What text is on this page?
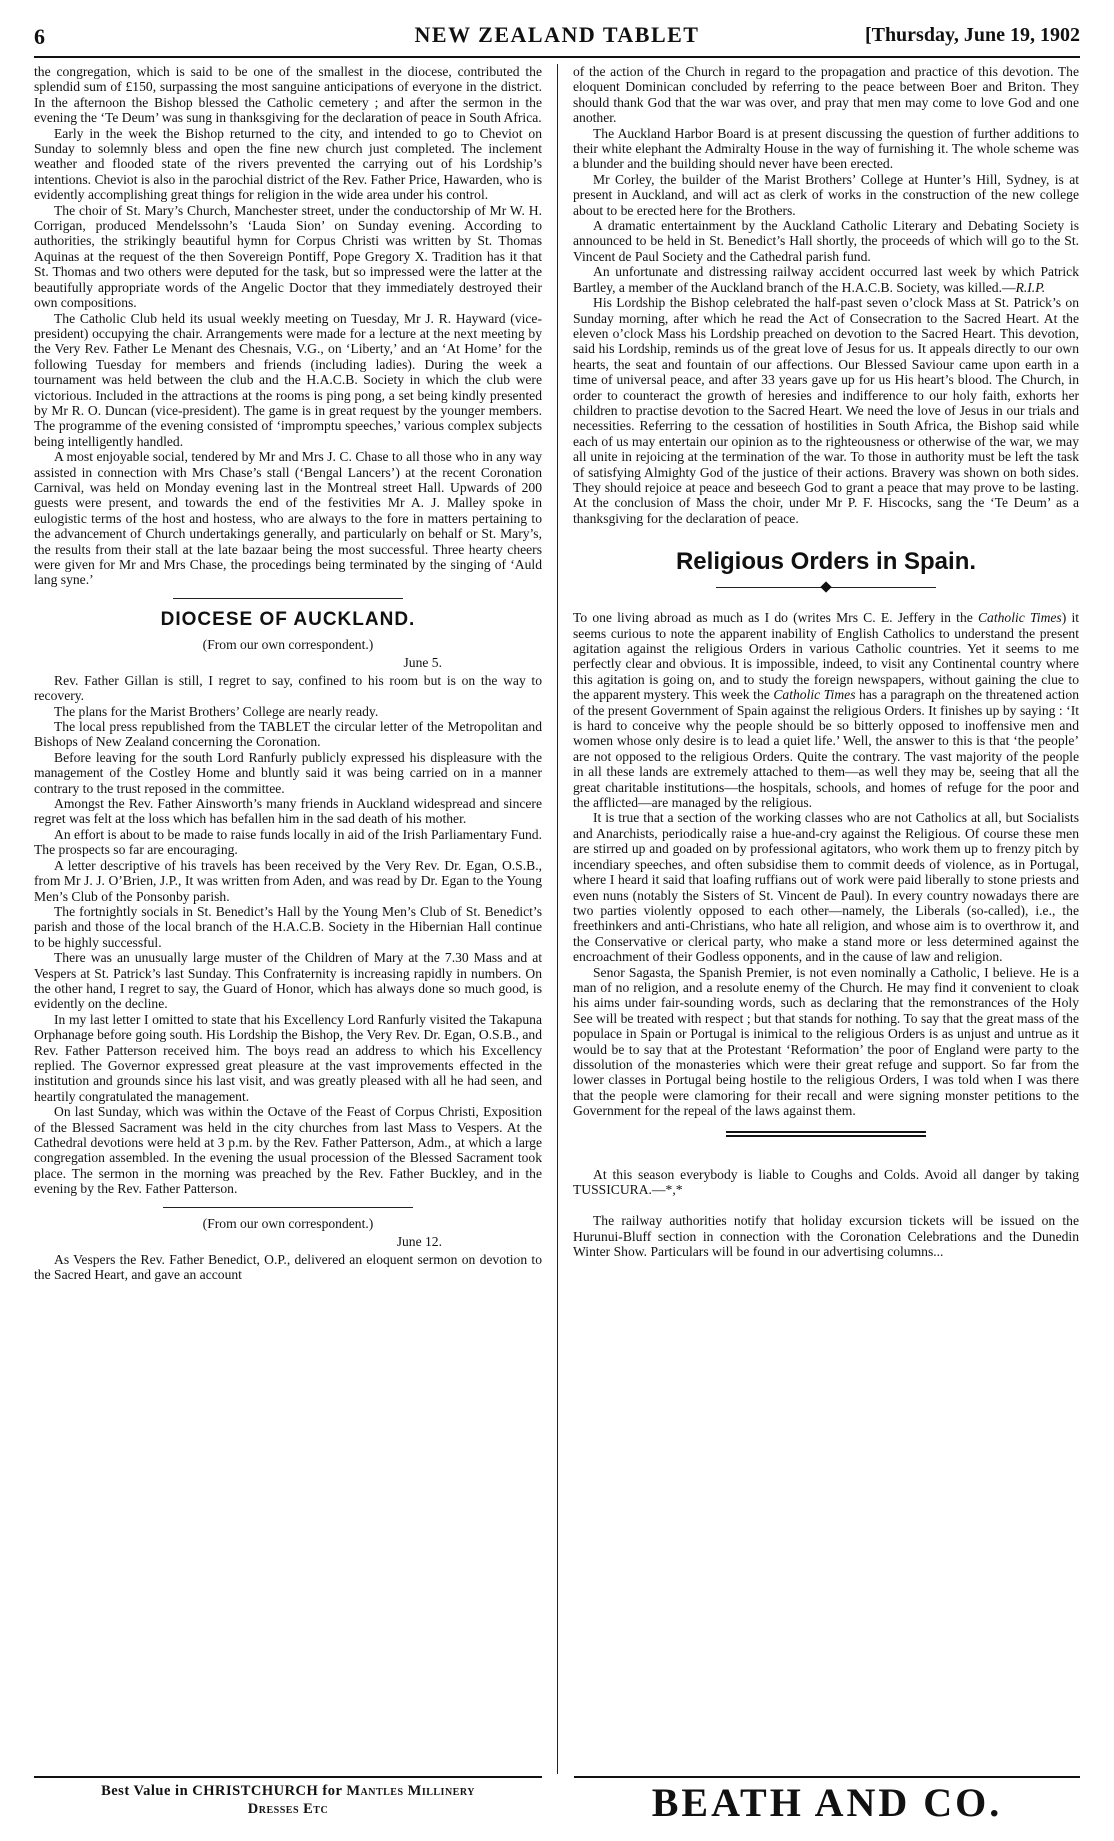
6	NEW ZEALAND TABLET	[Thursday, June 19, 1902

the congregation, which is said to be one of the smallest in the diocese, contributed the splendid sum of £150, surpassing the most sanguine anticipations of everyone in the district. In the afternoon the Bishop blessed the Catholic cemetery ; and after the sermon in the evening the ‘Te Deum’ was sung in thanksgiving for the declaration of peace in South Africa.

Early in the week the Bishop returned to the city, and intended to go to Cheviot on Sunday to solemnly bless and open the fine new church just completed. The inclement weather and flooded state of the rivers prevented the carrying out of his Lordship’s intentions. Cheviot is also in the parochial district of the Rev. Father Price, Hawarden, who is evidently accomplishing great things for religion in the wide area under his control.

The choir of St. Mary’s Church, Manchester street, under the conductorship of Mr W. H. Corrigan, produced Mendelssohn’s ‘Lauda Sion’ on Sunday evening. According to authorities, the strikingly beautiful hymn for Corpus Christi was written by St. Thomas Aquinas at the request of the then Sovereign Pontiff, Pope Gregory X. Tradition has it that St. Thomas and two others were deputed for the task, but so impressed were the latter at the beautifully appropriate words of the Angelic Doctor that they immediately destroyed their own compositions.

The Catholic Club held its usual weekly meeting on Tuesday, Mr J. R. Hayward (vice-president) occupying the chair. Arrangements were made for a lecture at the next meeting by the Very Rev. Father Le Menant des Chesnais, V.G., on ‘Liberty,’ and an ‘At Home’ for the following Tuesday for members and friends (including ladies). During the week a tournament was held between the club and the H.A.C.B. Society in which the club were victorious. Included in the attractions at the rooms is ping pong, a set being kindly presented by Mr R. O. Duncan (vice-president). The game is in great request by the younger members. The programme of the evening consisted of ‘impromptu speeches,’ various complex subjects being intelligently handled.

A most enjoyable social, tendered by Mr and Mrs J. C. Chase to all those who in any way assisted in connection with Mrs Chase’s stall (‘Bengal Lancers’) at the recent Coronation Carnival, was held on Monday evening last in the Montreal street Hall. Upwards of 200 guests were present, and towards the end of the festivities Mr A. J. Malley spoke in eulogistic terms of the host and hostess, who are always to the fore in matters pertaining to the advancement of Church undertakings generally, and particularly on behalf or St. Mary’s, the results from their stall at the late bazaar being the most successful. Three hearty cheers were given for Mr and Mrs Chase, the procedings being terminated by the singing of ‘Auld lang syne.’

DIOCESE OF AUCKLAND.
(From our own correspondent.)
June 5.

Rev. Father Gillan is still, I regret to say, confined to his room but is on the way to recovery.

The plans for the Marist Brothers’ College are nearly ready.

The local press republished from the TABLET the circular letter of the Metropolitan and Bishops of New Zealand concerning the Coronation.

Before leaving for the south Lord Ranfurly publicly expressed his displeasure with the management of the Costley Home and bluntly said it was being carried on in a manner contrary to the trust reposed in the committee.

Amongst the Rev. Father Ainsworth’s many friends in Auckland widespread and sincere regret was felt at the loss which has befallen him in the sad death of his mother.

An effort is about to be made to raise funds locally in aid of the Irish Parliamentary Fund. The prospects so far are encouraging.

A letter descriptive of his travels has been received by the Very Rev. Dr. Egan, O.S.B., from Mr J. J. O’Brien, J.P., It was written from Aden, and was read by Dr. Egan to the Young Men’s Club of the Ponsonby parish.

The fortnightly socials in St. Benedict’s Hall by the Young Men’s Club of St. Benedict’s parish and those of the local branch of the H.A.C.B. Society in the Hibernian Hall continue to be highly successful.

There was an unusually large muster of the Children of Mary at the 7.30 Mass and at Vespers at St. Patrick’s last Sunday. This Confraternity is increasing rapidly in numbers. On the other hand, I regret to say, the Guard of Honor, which has always done so much good, is evidently on the decline.

In my last letter I omitted to state that his Excellency Lord Ranfurly visited the Takapuna Orphanage before going south. His Lordship the Bishop, the Very Rev. Dr. Egan, O.S.B., and Rev. Father Patterson received him. The boys read an address to which his Excellency replied. The Governor expressed great pleasure at the vast improvements effected in the institution and grounds since his last visit, and was greatly pleased with all he had seen, and heartily congratulated the management.

On last Sunday, which was within the Octave of the Feast of Corpus Christi, Exposition of the Blessed Sacrament was held in the city churches from last Mass to Vespers. At the Cathedral devotions were held at 3 p.m. by the Rev. Father Patterson, Adm., at which a large congregation assembled. In the evening the usual procession of the Blessed Sacrament took place. The sermon in the morning was preached by the Rev. Father Buckley, and in the evening by the Rev. Father Patterson.

(From our own correspondent.)
June 12.

As Vespers the Rev. Father Benedict, O.P., delivered an eloquent sermon on devotion to the Sacred Heart, and gave an account

of the action of the Church in regard to the propagation and practice of this devotion. The eloquent Dominican concluded by referring to the peace between Boer and Briton. They should thank God that the war was over, and pray that men may come to love God and one another.

The Auckland Harbor Board is at present discussing the question of further additions to their white elephant the Admiralty House in the way of furnishing it. The whole scheme was a blunder and the building should never have been erected.

Mr Corley, the builder of the Marist Brothers’ College at Hunter’s Hill, Sydney, is at present in Auckland, and will act as clerk of works in the construction of the new college about to be erected here for the Brothers.

A dramatic entertainment by the Auckland Catholic Literary and Debating Society is announced to be held in St. Benedict’s Hall shortly, the proceeds of which will go to the St. Vincent de Paul Society and the Cathedral parish fund.

An unfortunate and distressing railway accident occurred last week by which Patrick Bartley, a member of the Auckland branch of the H.A.C.B. Society, was killed.—R.I.P.

His Lordship the Bishop celebrated the half-past seven o’clock Mass at St. Patrick’s on Sunday morning, after which he read the Act of Consecration to the Sacred Heart. At the eleven o’clock Mass his Lordship preached on devotion to the Sacred Heart. This devotion, said his Lordship, reminds us of the great love of Jesus for us. It appeals directly to our own hearts, the seat and fountain of our affections. Our Blessed Saviour came upon earth in a time of universal peace, and after 33 years gave up for us His heart’s blood. The Church, in order to counteract the growth of heresies and indifference to our holy faith, exhorts her children to practise devotion to the Sacred Heart. We need the love of Jesus in our trials and necessities. Referring to the cessation of hostilities in South Africa, the Bishop said while each of us may entertain our opinion as to the righteousness or otherwise of the war, we may all unite in rejoicing at the termination of the war. To those in authority must be left the task of satisfying Almighty God of the justice of their actions. Bravery was shown on both sides. They should rejoice at peace and beseech God to grant a peace that may prove to be lasting. At the conclusion of Mass the choir, under Mr P. F. Hiscocks, sang the ‘Te Deum’ as a thanksgiving for the declaration of peace.

Religious Orders in Spain.

To one living abroad as much as I do (writes Mrs C. E. Jeffery in the Catholic Times) it seems curious to note the apparent inability of English Catholics to understand the present agitation against the religious Orders in various Catholic countries. Yet it seems to me perfectly clear and obvious. It is impossible, indeed, to visit any Continental country where this agitation is going on, and to study the foreign newspapers, without gaining the clue to the apparent mystery. This week the Catholic Times has a paragraph on the threatened action of the present Government of Spain against the religious Orders. It finishes up by saying : ‘It is hard to conceive why the people should be so bitterly opposed to inoffensive men and women whose only desire is to lead a quiet life.’ Well, the answer to this is that ‘the people’ are not opposed to the religious Orders. Quite the contrary. The vast majority of the people in all these lands are extremely attached to them—as well they may be, seeing that all the great charitable institutions—the hospitals, schools, and homes of refuge for the poor and the afflicted—are managed by the religious.

It is true that a section of the working classes who are not Catholics at all, but Socialists and Anarchists, periodically raise a hue-and-cry against the Religious. Of course these men are stirred up and goaded on by professional agitators, who work them up to frenzy pitch by incendiary speeches, and often subsidise them to commit deeds of violence, as in Portugal, where I heard it said that loafing ruffians out of work were paid liberally to stone priests and even nuns (notably the Sisters of St. Vincent de Paul). In every country nowadays there are two parties violently opposed to each other—namely, the Liberals (so-called), i.e., the freethinkers and anti-Christians, who hate all religion, and whose aim is to overthrow it, and the Conservative or clerical party, who make a stand more or less determined against the encroachment of their Godless opponents, and in the cause of law and religion.

Senor Sagasta, the Spanish Premier, is not even nominally a Catholic, I believe. He is a man of no religion, and a resolute enemy of the Church. He may find it convenient to cloak his aims under fair-sounding words, such as declaring that the remonstrances of the Holy See will be treated with respect ; but that stands for nothing. To say that the great mass of the populace in Spain or Portugal is inimical to the religious Orders is as unjust and untrue as it would be to say that at the Protestant ‘Reformation’ the poor of England were party to the dissolution of the monasteries which were their great refuge and support. So far from the lower classes in Portugal being hostile to the religious Orders, I was told when I was there that the people were clamoring for their recall and were signing monster petitions to the Government for the repeal of the laws against them.

At this season everybody is liable to Coughs and Colds. Avoid all danger by taking TUSSICURA.—*,*

The railway authorities notify that holiday excursion tickets will be issued on the Hurunui-Bluff section in connection with the Coronation Celebrations and the Dunedin Winter Show. Particulars will be found in our advertising columns...

Best Value in CHRISTCHURCH for Mantles Millinery
Dresses Etc	BEATH AND CO.
